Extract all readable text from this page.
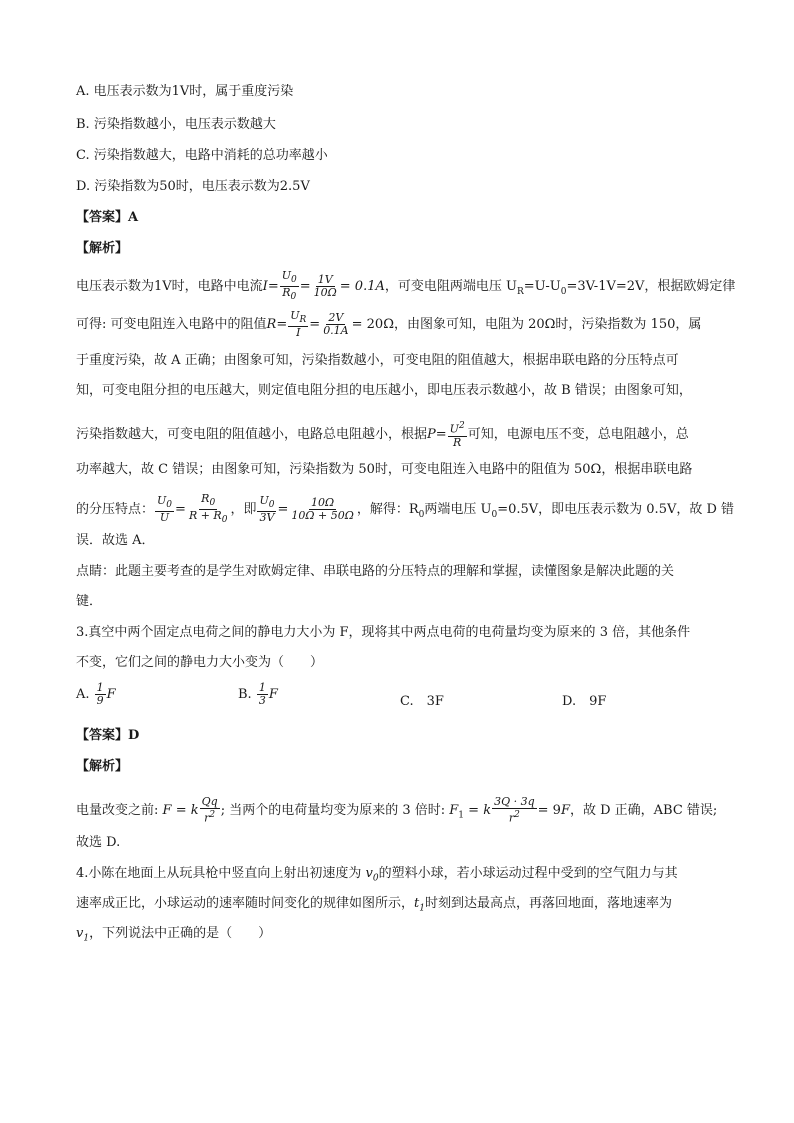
A. 电压表示数为1V时，属于重度污染
B. 污染指数越小，电压表示数越大
C. 污染指数越大，电路中消耗的总功率越小
D. 污染指数为50时，电压表示数为2.5V
【答案】A
【解析】
电压表示数为1V时，电路中电流$I= \frac{U_0}{R_0} = \frac{1V}{10\Omega} = 0.1A$，可变电阻两端电压 $U_R=U-U_0=3V-1V=2V$，根据欧姆定律
可得: 可变电阻连入电路中的阻值$R= \frac{U_R}{I} = \frac{2V}{0.1A} = 20\Omega$，由图象可知，电阻为 20Ω时，污染指数为 150，属
于重度污染，故 A 正确；由图象可知，污染指数越小，可变电阻的阻值越大，根据串联电路的分压特点可
知，可变电阻分担的电压越大，则定值电阻分担的电压越小，即电压表示数越小，故 B 错误；由图象可知，
污染指数越大，可变电阻的阻值越小，电路总电阻越小，根据$P= \frac{U^2}{R}$ 可知，电源电压不变，总电阻越小，总
功率越大，故 C 错误；由图象可知，污染指数为 50时，可变电阻连入电路中的阻值为 50Ω，根据串联电路
的分压特点： $\frac{U_0}{U} = \frac{R_0}{R + R_0}$ ，即 $\frac{U_0}{3V} = \frac{10\Omega}{10\Omega + 50\Omega}$ ，解得：$R_0$两端电压 $U_0=0.5V$，即电压表示数为 0.5V，故 D 错
误．故选 A．
点睛：此题主要考查的是学生对欧姆定律、串联电路的分压特点的理解和掌握，读懂图象是解决此题的关
键．
3.真空中两个固定点电荷之间的静电力大小为 F，现将其中两点电荷的电荷量均变为原来的 3 倍，其他条件
不变，它们之间的静电力大小变为（　　）
A. $\frac{1}{9}$ F	B. $\frac{1}{3}$ F	C.　3F	D.　9F
【答案】D
【解析】
电量改变之前: F = k $\frac{Qq}{r^2}$ ; 当两个的电荷量均变为原来的 3 倍时: $F_1 = k \frac{3Q \cdot 3q}{r^2} = 9F$，故 D 正确，ABC 错误;
故选 D.
4.小陈在地面上从玩具枪中竖直向上射出初速度为 $v_0$的塑料小球，若小球运动过程中受到的空气阻力与其
速率成正比，小球运动的速率随时间变化的规律如图所示，$t_1$时刻到达最高点，再落回地面，落地速率为
$v_1$，下列说法中正确的是（　　）
